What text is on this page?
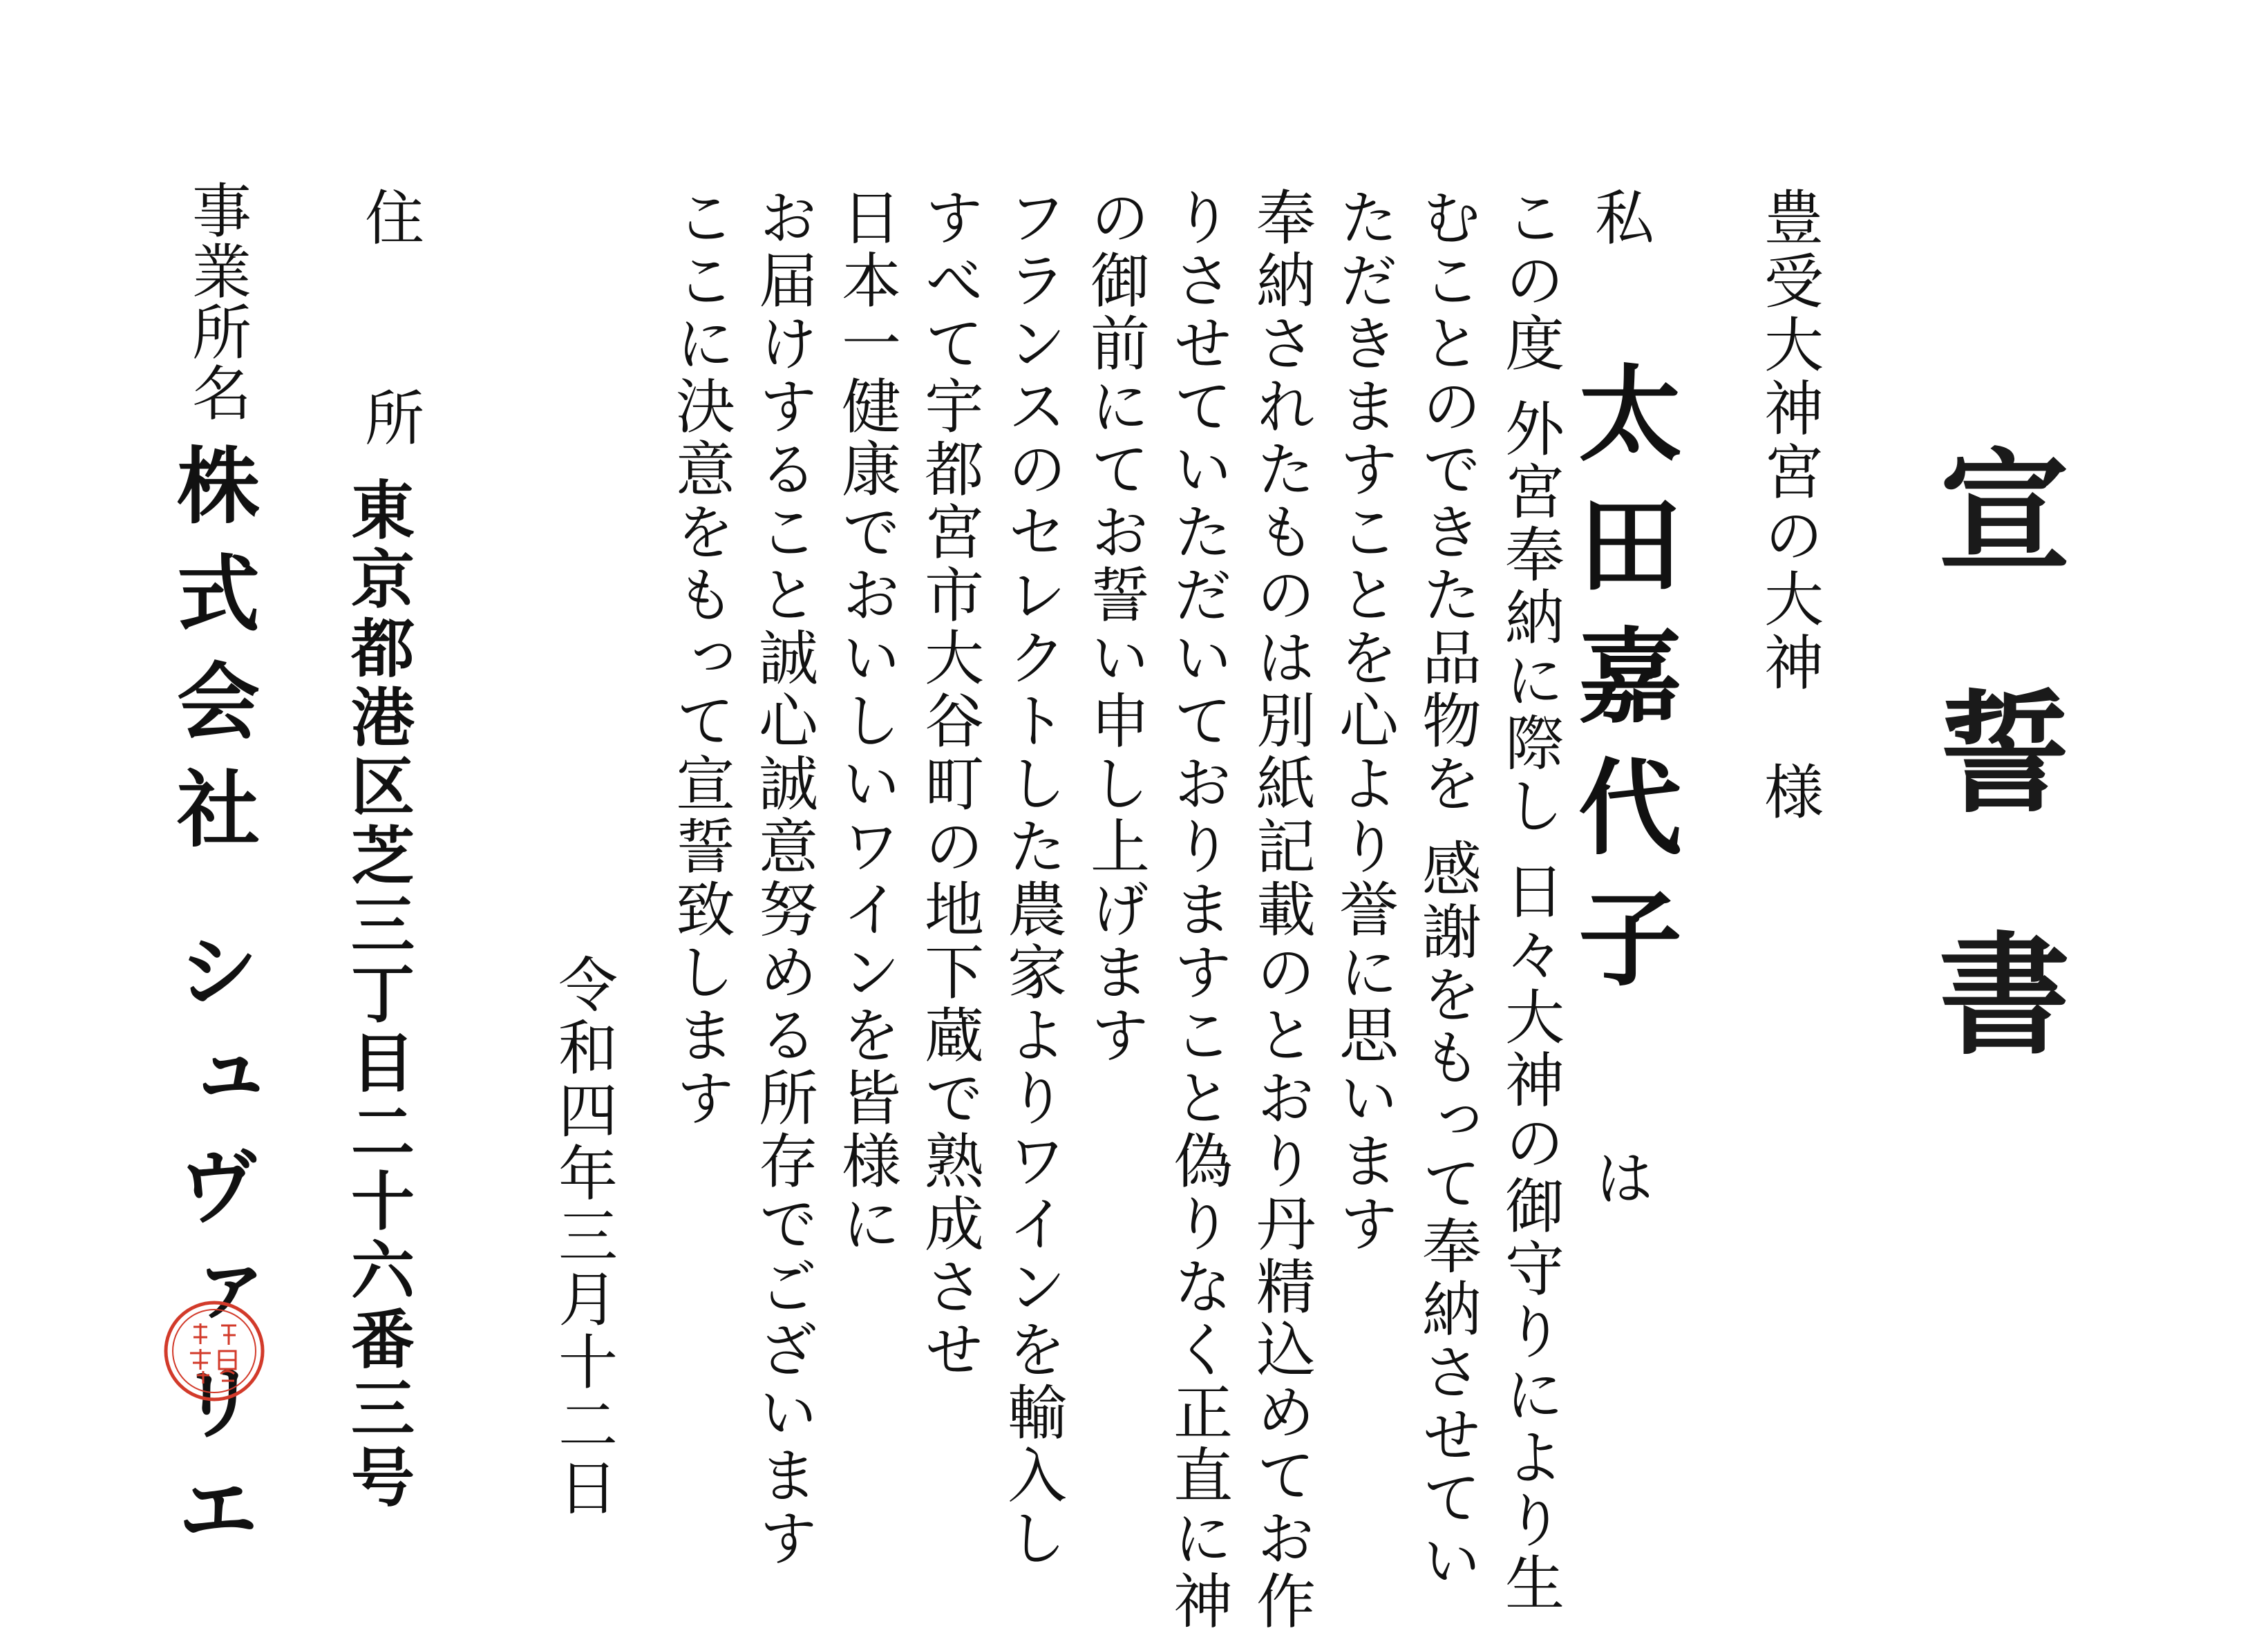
宣誓書
豊受大神宮の大神様
私
太田嘉代子
は
この度 外宮奉納に際し 日々大神の御守りにより生
むことのできた品物を 感謝をもって奉納させてい
ただきますことを心より誉に思います
奉納されたものは別紙記載のとおり丹精込めてお作
りさせていただいておりますこと偽りなく正直に神
の御前にてお誓い申し上げます
フランスのセレクトした農家よりワインを輸入し
すべて宇都宮市大谷町の地下蔵で熟成させ
日本一健康でおいしいワインを皆様に
お届けすること誠心誠意努める所存でございます
ここに決意をもって宣誓致します
令和四年三月十二日
住
所
東京都港区芝三丁目二十六番三号
事業所名
株式会社 シュヴァリエ
